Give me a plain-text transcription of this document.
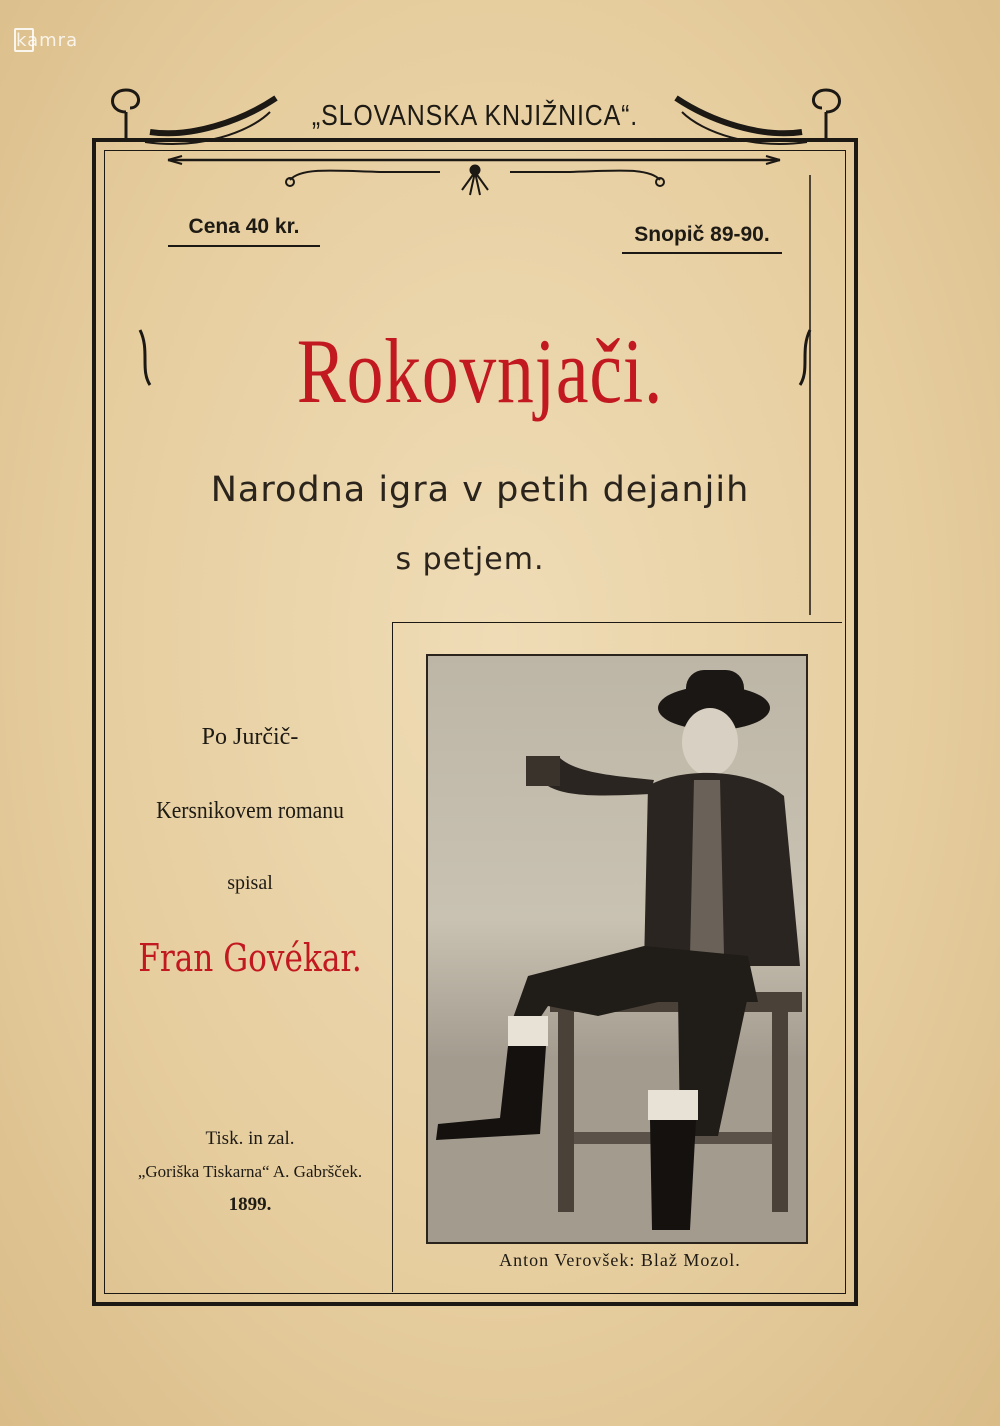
kamra
„SLOVANSKA KNJIŽNICA“.
Cena 40 kr.	Snopič 89-90.
Rokovnjači.
Narodna igra v petih dejanjih
s petjem.
Po Jurčič-
Kersnikovem romanu
spisal
Fran Govékar.
Tisk. in zal.
„Goriška Tiskarna“ A. Gabršček.
1899.
Anton Verovšek: Blaž Mozol.
